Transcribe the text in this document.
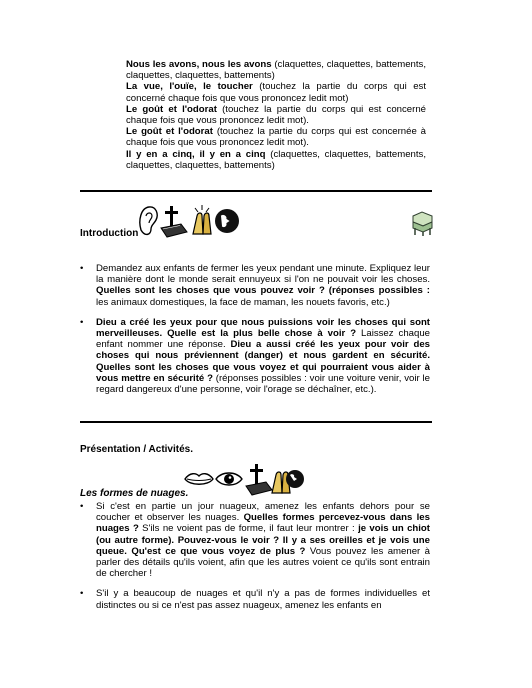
Nous les avons, nous les avons (claquettes, claquettes, battements, claquettes, claquettes, battements)

La vue, l'ouïe, le toucher (touchez la partie du corps qui est concerné chaque fois que vous prononcez ledit mot)

Le goût et l'odorat (touchez la partie du corps qui est concerné chaque fois que vous prononcez ledit mot).

Le goût et l'odorat (touchez la partie du corps qui est concernée à chaque fois que vous prononcez ledit mot).

Il y en a cinq, il y en a cinq (claquettes, claquettes, battements, claquettes, claquettes, battements)

Introduction
• Demandez aux enfants de fermer les yeux pendant une minute. Expliquez leur la manière dont le monde serait ennuyeux si l'on ne pouvait voir les choses. Quelles sont les choses que vous pouvez voir ? (réponses possibles : les animaux domestiques, la face de maman, les nouets favoris, etc.)
• Dieu a créé les yeux pour que nous puissions voir les choses qui sont merveilleuses. Quelle est la plus belle chose à voir ? Laissez chaque enfant nommer une réponse. Dieu a aussi créé les yeux pour voir des choses qui nous préviennent (danger) et nous gardent en sécurité. Quelles sont les choses que vous voyez et qui pourraient vous aider à vous mettre en sécurité ? (réponses possibles : voir une voiture venir, voir le regard dangereux d'une personne, voir l'orage se déchaîner, etc.).
Présentation / Activités.
Les formes de nuages.
• Si c'est en partie un jour nuageux, amenez les enfants dehors pour se coucher et observer les nuages. Quelles formes percevez-vous dans les nuages ? S'ils ne voient pas de forme, il faut leur montrer : je vois un chiot (ou autre forme). Pouvez-vous le voir ? Il y a ses oreilles et je vois une queue. Qu'est ce que vous voyez de plus ? Vous pouvez les amener à parler des détails qu'ils voient, afin que les autres voient ce qu'ils sont entrain de chercher !
• S'il y a beaucoup de nuages et qu'il n'y a pas de formes individuelles et distinctes ou si ce n'est pas assez nuageux, amenez les enfants en
